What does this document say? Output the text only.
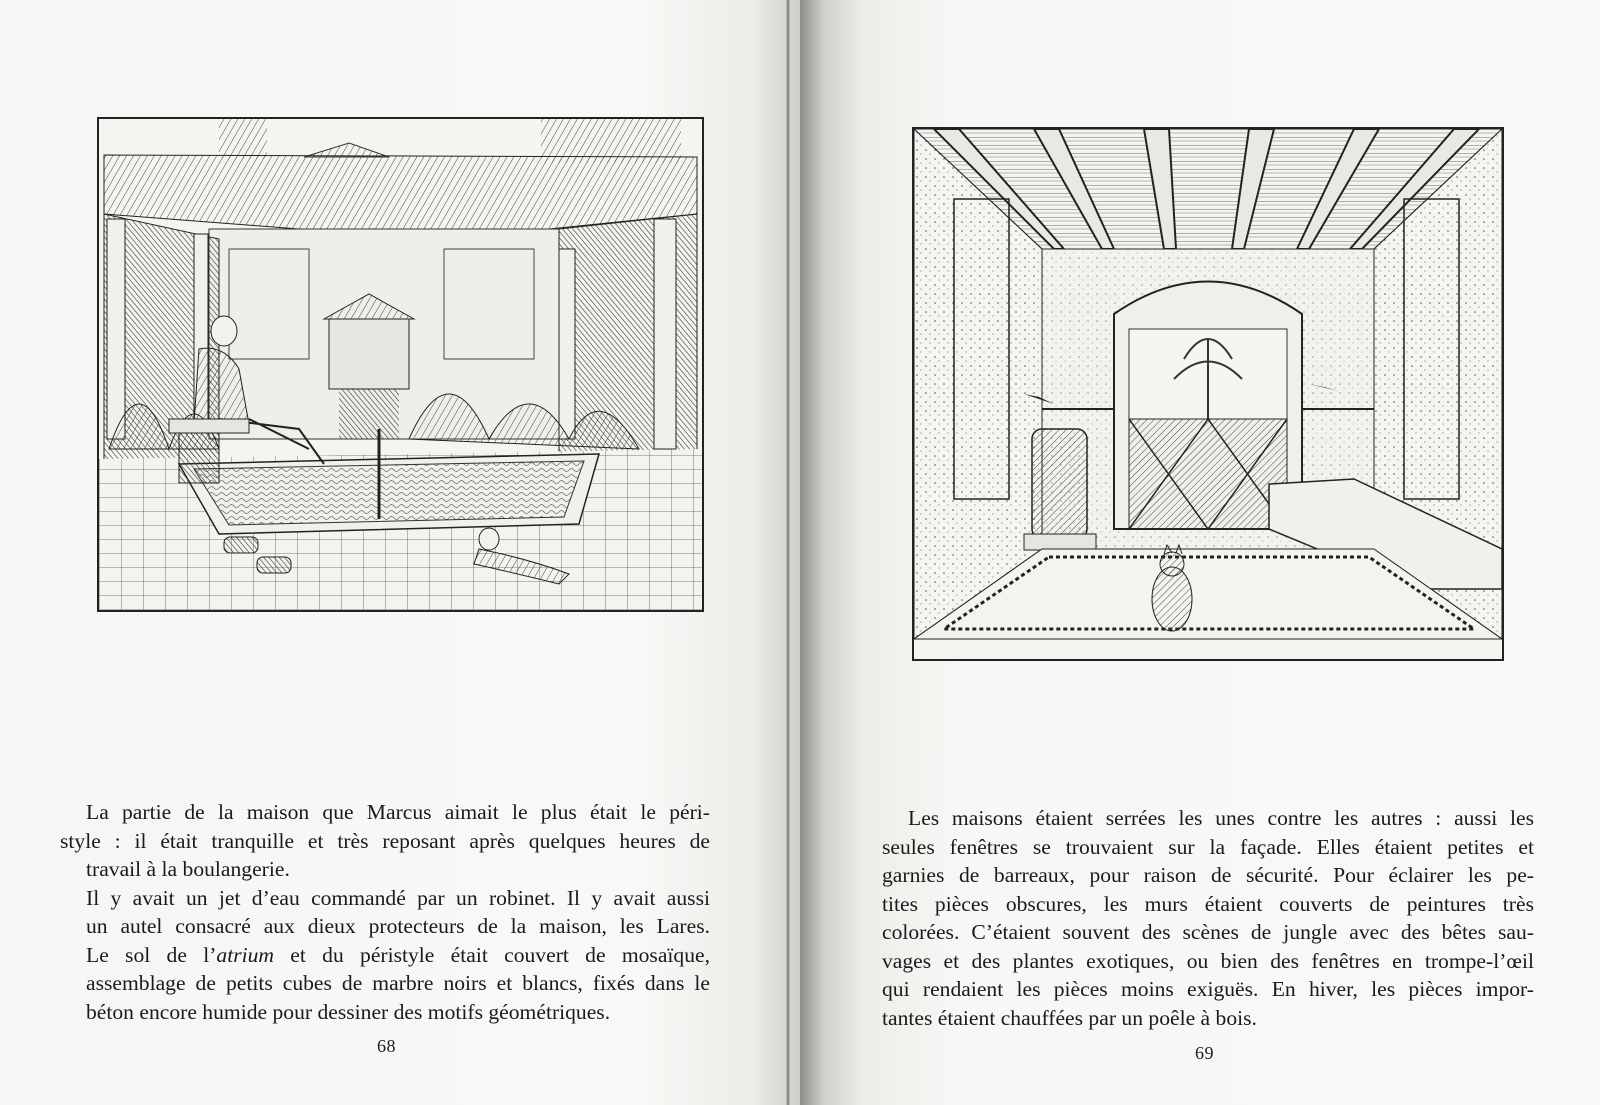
La partie de la maison que Marcus aimait le plus était le péri-
style : il était tranquille et très reposant après quelques heures de
travail à la boulangerie.

Il y avait un jet d’eau commandé par un robinet. Il y avait aussi
un autel consacré aux dieux protecteurs de la maison, les Lares.

Le sol de l’atrium et du péristyle était couvert de mosaïque,
assemblage de petits cubes de marbre noirs et blancs, fixés dans le
béton encore humide pour dessiner des motifs géométriques.

68

Les maisons étaient serrées les unes contre les autres : aussi les
seules fenêtres se trouvaient sur la façade. Elles étaient petites et
garnies de barreaux, pour raison de sécurité. Pour éclairer les pe-
tites pièces obscures, les murs étaient couverts de peintures très
colorées. C’étaient souvent des scènes de jungle avec des bêtes sau-
vages et des plantes exotiques, ou bien des fenêtres en trompe-l’œil
qui rendaient les pièces moins exiguës. En hiver, les pièces impor-
tantes étaient chauffées par un poêle à bois.

69
